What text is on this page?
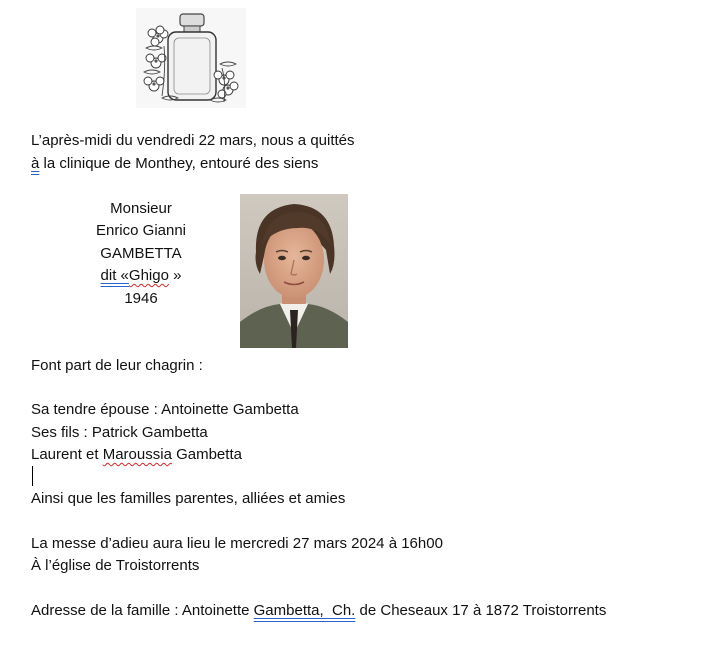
L’après-midi du vendredi 22 mars, nous a quittés
à la clinique de Monthey, entouré des siens
Monsieur
Enrico Gianni
GAMBETTA
dit «Ghigo »
1946
Font part de leur chagrin :
Sa tendre épouse : Antoinette Gambetta
Ses fils : Patrick Gambetta
Laurent et Maroussia Gambetta
Ainsi que les familles parentes, alliées et amies
La messe d’adieu aura lieu le mercredi 27 mars 2024 à 16h00
À l’église de Troistorrents
Adresse de la famille : Antoinette Gambetta,  Ch. de Cheseaux 17 à 1872 Troistorrents
